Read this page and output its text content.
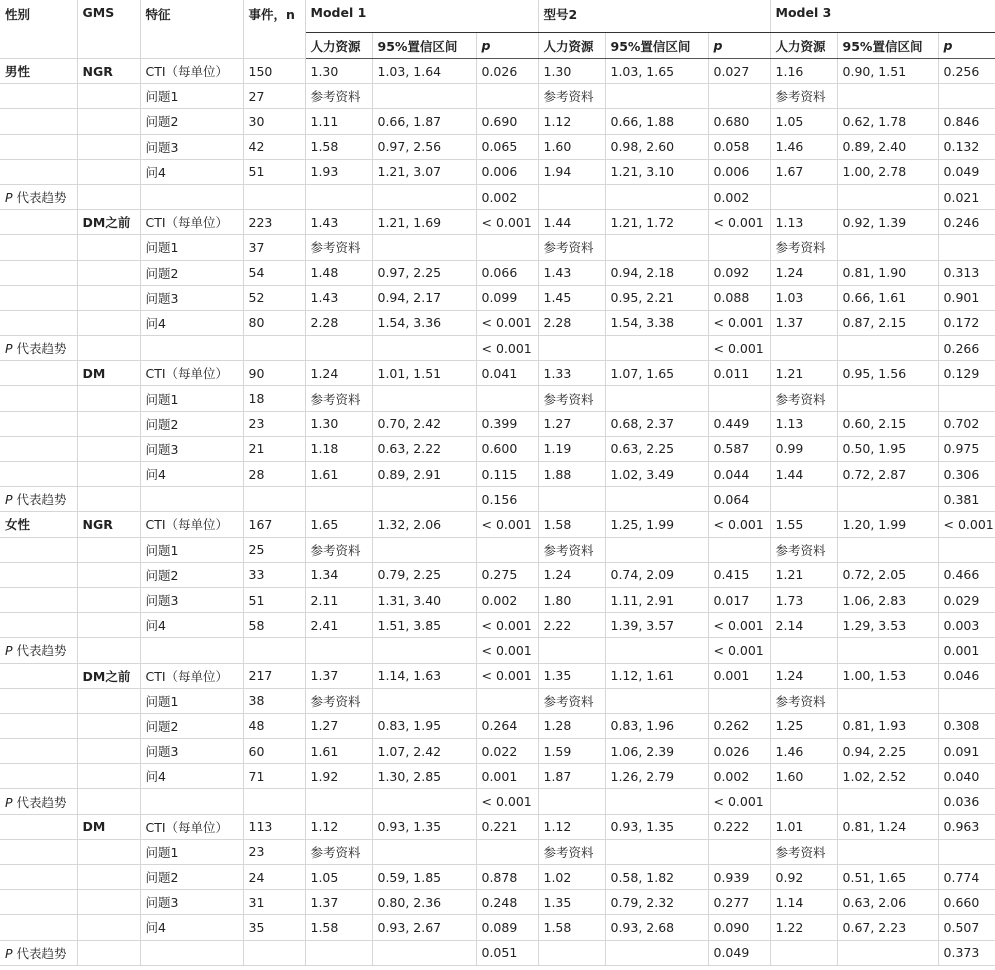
性别	GMS	特征	事件，n	Model 1			型号2			Model 3		
				人力资源	95%置信区间	p	人力资源	95%置信区间	p	人力资源	95%置信区间	p
男性	NGR	CTI（每单位）	150	1.30	1.03, 1.64	0.026	1.30	1.03, 1.65	0.027	1.16	0.90, 1.51	0.256
		问题1	27	参考资料			参考资料			参考资料		
		问题2	30	1.11	0.66, 1.87	0.690	1.12	0.66, 1.88	0.680	1.05	0.62, 1.78	0.846
		问题3	42	1.58	0.97, 2.56	0.065	1.60	0.98, 2.60	0.058	1.46	0.89, 2.40	0.132
		问4	51	1.93	1.21, 3.07	0.006	1.94	1.21, 3.10	0.006	1.67	1.00, 2.78	0.049
P 代表趋势						0.002			0.002			0.021
	DM之前	CTI（每单位）	223	1.43	1.21, 1.69	< 0.001	1.44	1.21, 1.72	< 0.001	1.13	0.92, 1.39	0.246
		问题1	37	参考资料			参考资料			参考资料		
		问题2	54	1.48	0.97, 2.25	0.066	1.43	0.94, 2.18	0.092	1.24	0.81, 1.90	0.313
		问题3	52	1.43	0.94, 2.17	0.099	1.45	0.95, 2.21	0.088	1.03	0.66, 1.61	0.901
		问4	80	2.28	1.54, 3.36	< 0.001	2.28	1.54, 3.38	< 0.001	1.37	0.87, 2.15	0.172
P 代表趋势						< 0.001			< 0.001			0.266
	DM	CTI（每单位）	90	1.24	1.01, 1.51	0.041	1.33	1.07, 1.65	0.011	1.21	0.95, 1.56	0.129
		问题1	18	参考资料			参考资料			参考资料		
		问题2	23	1.30	0.70, 2.42	0.399	1.27	0.68, 2.37	0.449	1.13	0.60, 2.15	0.702
		问题3	21	1.18	0.63, 2.22	0.600	1.19	0.63, 2.25	0.587	0.99	0.50, 1.95	0.975
		问4	28	1.61	0.89, 2.91	0.115	1.88	1.02, 3.49	0.044	1.44	0.72, 2.87	0.306
P 代表趋势						0.156			0.064			0.381
女性	NGR	CTI（每单位）	167	1.65	1.32, 2.06	< 0.001	1.58	1.25, 1.99	< 0.001	1.55	1.20, 1.99	< 0.001
		问题1	25	参考资料			参考资料			参考资料		
		问题2	33	1.34	0.79, 2.25	0.275	1.24	0.74, 2.09	0.415	1.21	0.72, 2.05	0.466
		问题3	51	2.11	1.31, 3.40	0.002	1.80	1.11, 2.91	0.017	1.73	1.06, 2.83	0.029
		问4	58	2.41	1.51, 3.85	< 0.001	2.22	1.39, 3.57	< 0.001	2.14	1.29, 3.53	0.003
P 代表趋势						< 0.001			< 0.001			0.001
	DM之前	CTI（每单位）	217	1.37	1.14, 1.63	< 0.001	1.35	1.12, 1.61	0.001	1.24	1.00, 1.53	0.046
		问题1	38	参考资料			参考资料			参考资料		
		问题2	48	1.27	0.83, 1.95	0.264	1.28	0.83, 1.96	0.262	1.25	0.81, 1.93	0.308
		问题3	60	1.61	1.07, 2.42	0.022	1.59	1.06, 2.39	0.026	1.46	0.94, 2.25	0.091
		问4	71	1.92	1.30, 2.85	0.001	1.87	1.26, 2.79	0.002	1.60	1.02, 2.52	0.040
P 代表趋势						< 0.001			< 0.001			0.036
	DM	CTI（每单位）	113	1.12	0.93, 1.35	0.221	1.12	0.93, 1.35	0.222	1.01	0.81, 1.24	0.963
		问题1	23	参考资料			参考资料			参考资料		
		问题2	24	1.05	0.59, 1.85	0.878	1.02	0.58, 1.82	0.939	0.92	0.51, 1.65	0.774
		问题3	31	1.37	0.80, 2.36	0.248	1.35	0.79, 2.32	0.277	1.14	0.63, 2.06	0.660
		问4	35	1.58	0.93, 2.67	0.089	1.58	0.93, 2.68	0.090	1.22	0.67, 2.23	0.507
P 代表趋势						0.051			0.049			0.373
